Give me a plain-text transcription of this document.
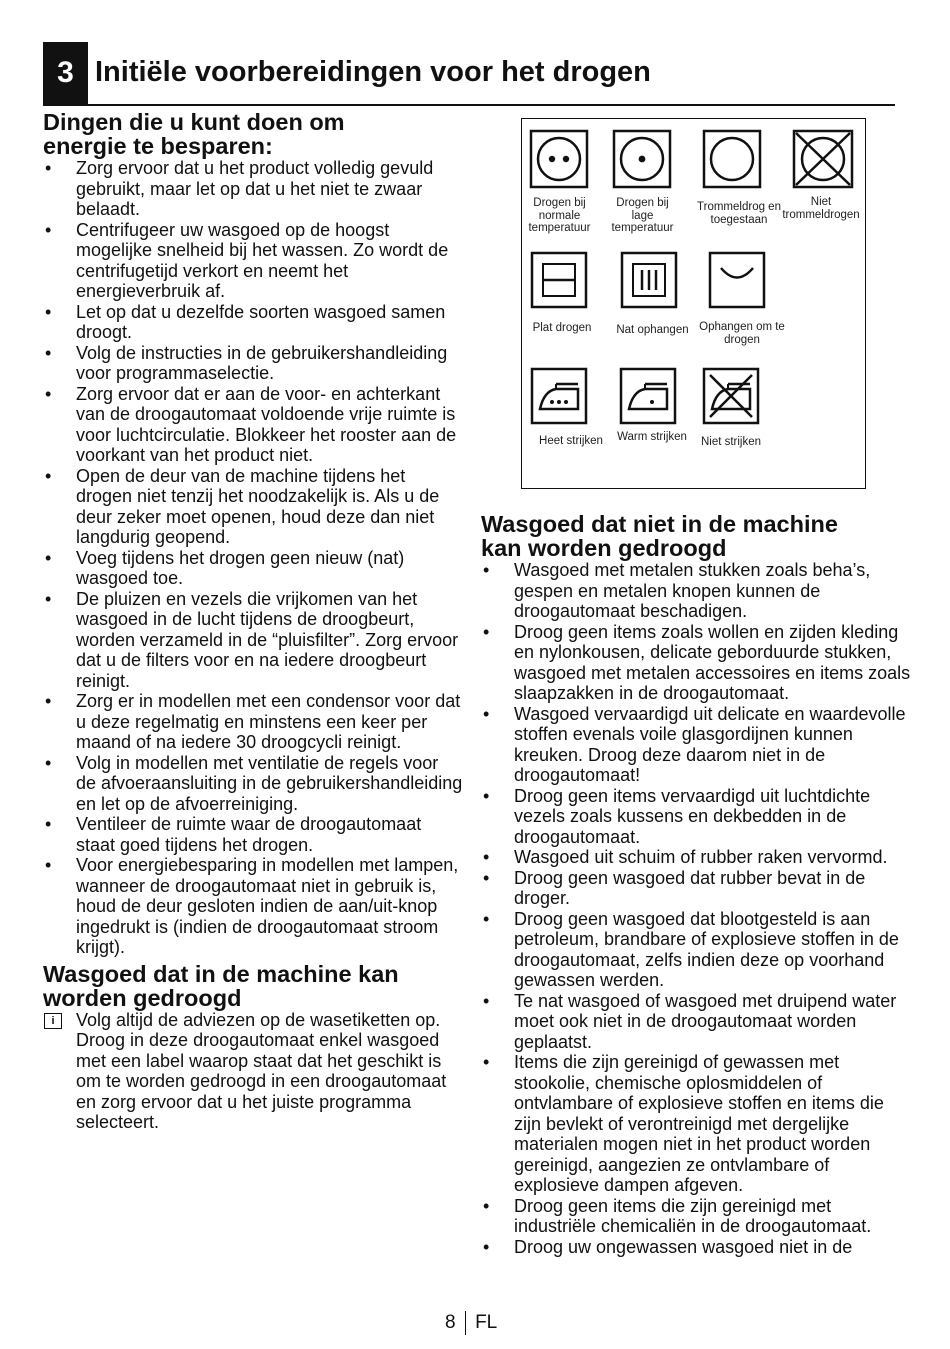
3 Initiële voorbereidingen voor het drogen
Dingen die u kunt doen om energie te besparen:
• Zorg ervoor dat u het product volledig gevuld gebruikt, maar let op dat u het niet te zwaar belaadt.
• Centrifugeer uw wasgoed op de hoogst mogelijke snelheid bij het wassen. Zo wordt de centrifugetijd verkort en neemt het energieverbruik af.
• Let op dat u dezelfde soorten wasgoed samen droogt.
• Volg de instructies in de gebruikershandleiding voor programmaselectie.
• Zorg ervoor dat er aan de voor- en achterkant van de droogautomaat voldoende vrije ruimte is voor luchtcirculatie. Blokkeer het rooster aan de voorkant van het product niet.
• Open de deur van de machine tijdens het drogen niet tenzij het noodzakelijk is. Als u de deur zeker moet openen, houd deze dan niet langdurig geopend.
• Voeg tijdens het drogen geen nieuw (nat) wasgoed toe.
• De pluizen en vezels die vrijkomen van het wasgoed in de lucht tijdens de droogbeurt, worden verzameld in de “pluisfilter”. Zorg ervoor dat u de filters voor en na iedere droogbeurt reinigt.
• Zorg er in modellen met een condensor voor dat u deze regelmatig en minstens een keer per maand of na iedere 30 droogcycli reinigt.
• Volg in modellen met ventilatie de regels voor de afvoeraansluiting in de gebruikershandleiding en let op de afvoerreiniging.
• Ventileer de ruimte waar de droogautomaat staat goed tijdens het drogen.
• Voor energiebesparing in modellen met lampen, wanneer de droogautomaat niet in gebruik is, houd de deur gesloten indien de aan/uit-knop ingedrukt is (indien de droogautomaat stroom krijgt).
Wasgoed dat in de machine kan worden gedroogd
i	Volg altijd de adviezen op de wasetiketten op. Droog in deze droogautomaat enkel wasgoed met een label waarop staat dat het geschikt is om te worden gedroogd in een droogautomaat en zorg ervoor dat u het juiste programma selecteert.
Drogen bij normale temperatuur
Drogen bij lage temperatuur
Trommeldrog en toegestaan
Niet trommeldrogen
Plat drogen	Nat ophangen Ophangen om te drogen
Heet strijken	Warm strijken	Niet strijken
Wasgoed dat niet in de machine kan worden gedroogd
• Wasgoed met metalen stukken zoals beha’s, gespen en metalen knopen kunnen de droogautomaat beschadigen.
• Droog geen items zoals wollen en zijden kleding en nylonkousen, delicate geborduurde stukken, wasgoed met metalen accessoires en items zoals slaapzakken in de droogautomaat.
• Wasgoed vervaardigd uit delicate en waardevolle stoffen evenals voile glasgordijnen kunnen kreuken. Droog deze daarom niet in de droogautomaat!
• Droog geen items vervaardigd uit luchtdichte vezels zoals kussens en dekbedden in de droogautomaat.
• Wasgoed uit schuim of rubber raken vervormd.
• Droog geen wasgoed dat rubber bevat in de droger.
• Droog geen wasgoed dat blootgesteld is aan petroleum, brandbare of explosieve stoffen in de droogautomaat, zelfs indien deze op voorhand gewassen werden.
• Te nat wasgoed of wasgoed met druipend water moet ook niet in de droogautomaat worden geplaatst.
• Items die zijn gereinigd of gewassen met stookolie, chemische oplosmiddelen of ontvlambare of explosieve stoffen en items die zijn bevlekt of verontreinigd met dergelijke materialen mogen niet in het product worden gereinigd, aangezien ze ontvlambare of explosieve dampen afgeven.
• Droog geen items die zijn gereinigd met industriële chemicaliën in de droogautomaat.
• Droog uw ongewassen wasgoed niet in de
8 FL
